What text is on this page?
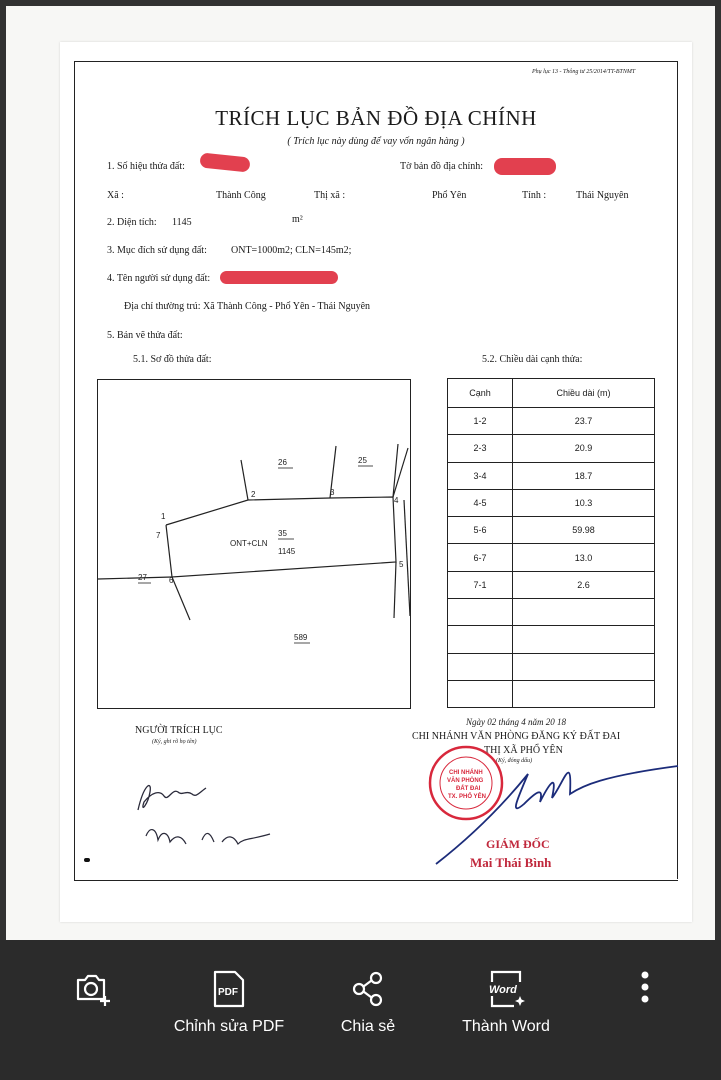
Phụ lục 13 - Thông tư 25/2014/TT-BTNMT
TRÍCH LỤC BẢN ĐỒ ĐỊA CHÍNH
( Trích lục này dùng để vay vốn ngân hàng )
1. Số hiệu thửa đất:	Tờ bản đồ địa chính:
Xã :	Thành Công	Thị xã :	Phổ Yên	Tỉnh :	Thái Nguyên
2. Diện tích: 1145	m²
3. Mục đích sử dụng đất: ONT=1000m2; CLN=145m2;
4. Tên người sử dụng đất:
Địa chỉ thường trú: Xã Thành Công - Phổ Yên - Thái Nguyên
5. Bản vẽ thửa đất:
5.1. Sơ đồ thửa đất:	5.2. Chiều dài cạnh thửa:
1
2	3
4
5
6
7	35
ONT+CLN
1145
26	25
27
589
Cạnh	Chiều dài (m)
1-2	23.7
2-3	20.9
3-4	18.7
4-5	10.3
5-6	59.98
6-7	13.0
7-1	2.6

NGƯỜI TRÍCH LỤC
(Ký, ghi rõ họ tên)
Ngày 02 tháng 4 năm 20 18
CHI NHÁNH VĂN PHÒNG ĐĂNG KÝ ĐẤT ĐAI
THỊ XÃ PHỔ YÊN
(Ký, đóng dấu)
CHI NHÁNH
VĂN PHÒNG
ĐẤT ĐAI
TX. PHỔ YÊN
GIÁM ĐỐC
Mai Thái Bình
PDF
Chỉnh sửa PDF	Chia sẻ
Word
Thành Word
